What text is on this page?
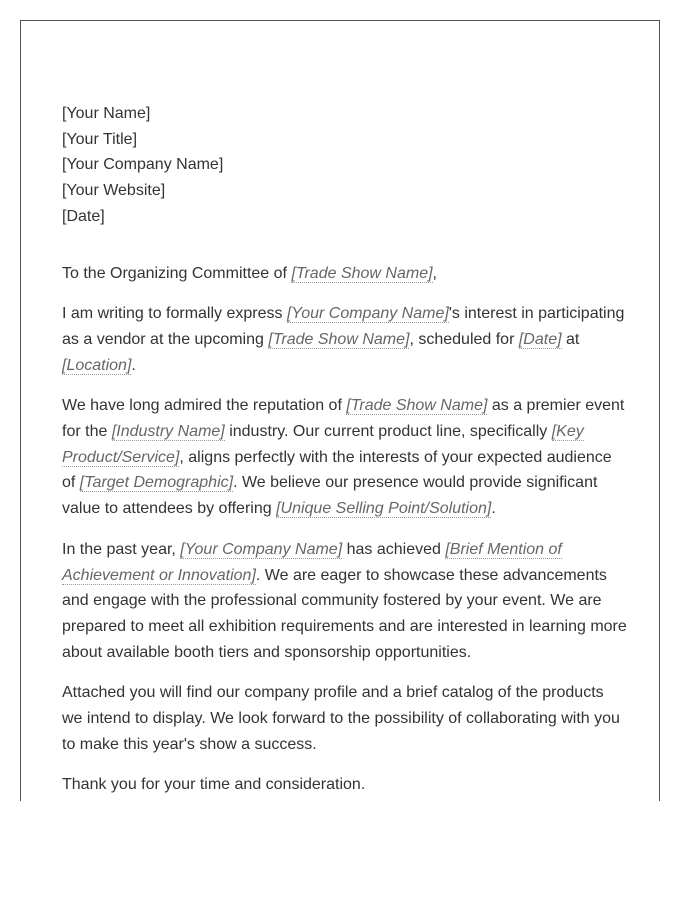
[Your Name]
[Your Title]
[Your Company Name]
[Your Website]
[Date]

To the Organizing Committee of [Trade Show Name],

I am writing to formally express [Your Company Name]'s interest in participating as a vendor at the upcoming [Trade Show Name], scheduled for [Date] at [Location].

We have long admired the reputation of [Trade Show Name] as a premier event for the [Industry Name] industry. Our current product line, specifically [Key Product/Service], aligns perfectly with the interests of your expected audience of [Target Demographic]. We believe our presence would provide significant value to attendees by offering [Unique Selling Point/Solution].

In the past year, [Your Company Name] has achieved [Brief Mention of Achievement or Innovation]. We are eager to showcase these advancements and engage with the professional community fostered by your event. We are prepared to meet all exhibition requirements and are interested in learning more about available booth tiers and sponsorship opportunities.

Attached you will find our company profile and a brief catalog of the products we intend to display. We look forward to the possibility of collaborating with you to make this year's show a success.

Thank you for your time and consideration.
